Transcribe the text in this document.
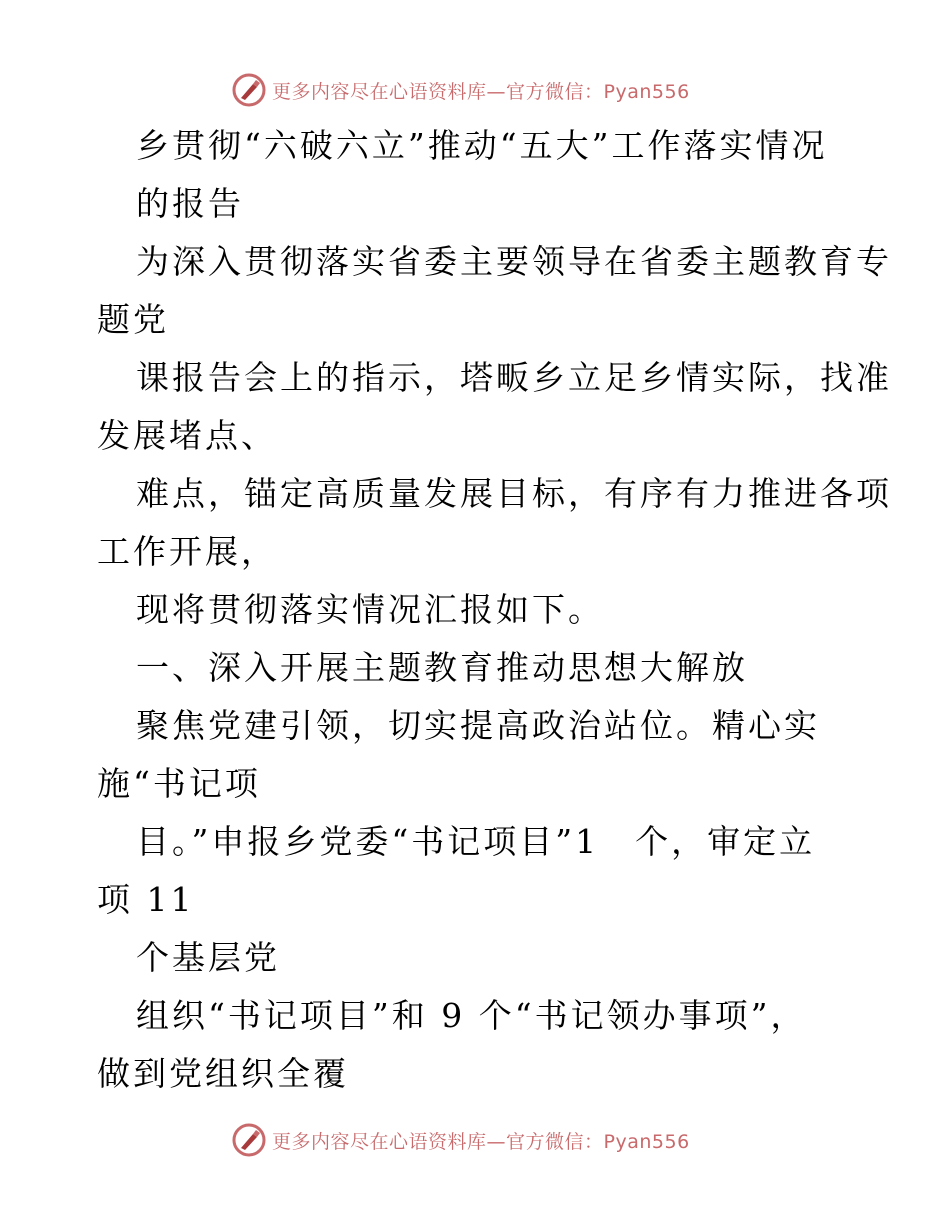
更多内容尽在心语资料库—官方微信：Pyan556
乡贯彻“六破六立”推动“五大”工作落实情况
的报告
为深入贯彻落实省委主要领导在省委主题教育专
题党
课报告会上的指示，塔畈乡立足乡情实际，找准
发展堵点、
难点，锚定高质量发展目标，有序有力推进各项
工作开展，
现将贯彻落实情况汇报如下。
一、深入开展主题教育推动思想大解放
聚焦党建引领，切实提高政治站位。精心实
施“书记项
目。”申报乡党委“书记项目”1　个，审定立
项 11
个基层党
组织“书记项目”和 9 个“书记领办事项”，
做到党组织全覆
更多内容尽在心语资料库—官方微信：Pyan556
